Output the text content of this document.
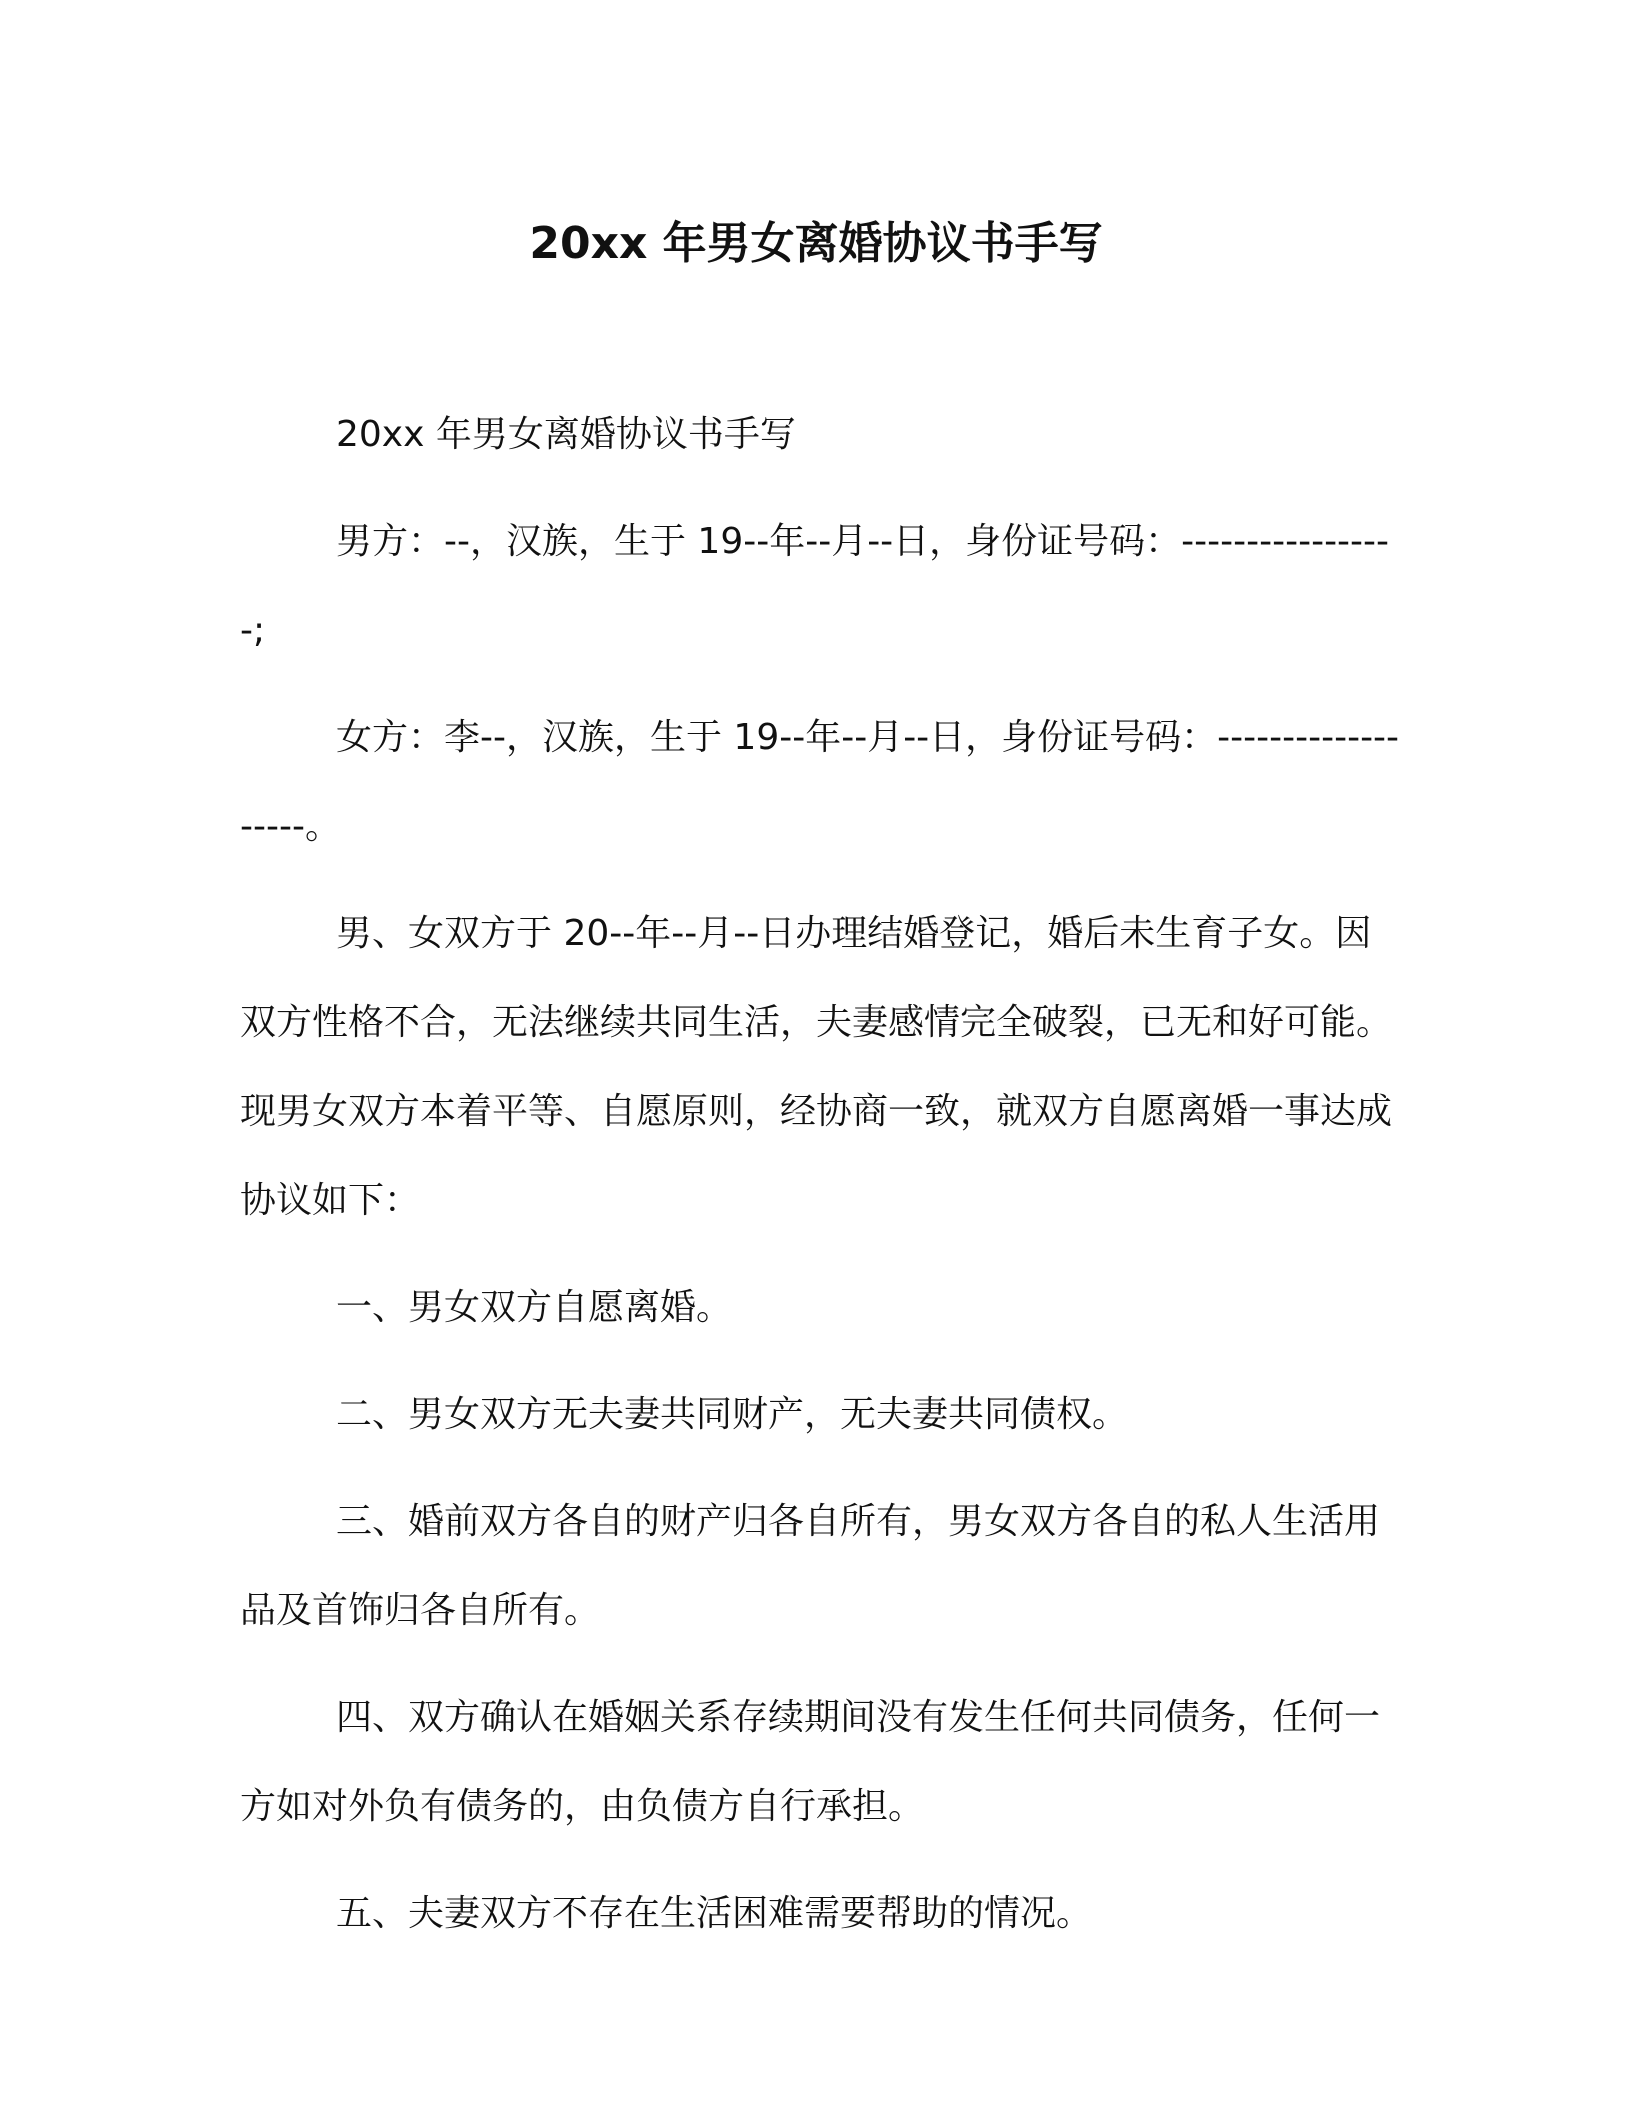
20xx 年男女离婚协议书手写

20xx 年男女离婚协议书手写

男方：--，汉族，生于 19--年--月--日，身份证号码：-----------------;

女方：李--，汉族，生于 19--年--月--日，身份证号码：-------------------。

男、女双方于 20--年--月--日办理结婚登记，婚后未生育子女。因双方性格不合，无法继续共同生活，夫妻感情完全破裂，已无和好可能。现男女双方本着平等、自愿原则，经协商一致，就双方自愿离婚一事达成协议如下：

一、男女双方自愿离婚。

二、男女双方无夫妻共同财产，无夫妻共同债权。

三、婚前双方各自的财产归各自所有，男女双方各自的私人生活用品及首饰归各自所有。

四、双方确认在婚姻关系存续期间没有发生任何共同债务，任何一方如对外负有债务的，由负债方自行承担。

五、夫妻双方不存在生活困难需要帮助的情况。
